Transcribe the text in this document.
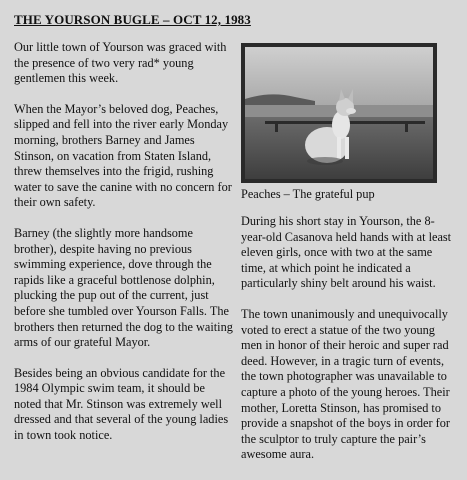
THE YOURSON BUGLE – OCT 12, 1983

Our little town of Yourson was graced with the presence of two very rad* young gentlemen this week.

When the Mayor’s beloved dog, Peaches, slipped and fell into the river early Monday morning, brothers Barney and James Stinson, on vacation from Staten Island, threw themselves into the frigid, rushing water to save the canine with no concern for their own safety.

Barney (the slightly more handsome brother), despite having no previous swimming experience, dove through the rapids like a graceful bottlenose dolphin, plucking the pup out of the current, just before she tumbled over Yourson Falls. The brothers then returned the dog to the waiting arms of our grateful Mayor.

Besides being an obvious candidate for the 1984 Olympic swim team, it should be noted that Mr. Stinson was extremely well dressed and that several of the young ladies in town took notice.

Peaches – The grateful pup

During his short stay in Yourson, the 8-year-old Casanova held hands with at least eleven girls, once with two at the same time, at which point he indicated a particularly shiny belt around his waist.

The town unanimously and unequivocally voted to erect a statue of the two young men in honor of their heroic and super rad deed. However, in a tragic turn of events, the town photographer was unavailable to capture a photo of the young heroes. Their mother, Loretta Stinson, has promised to provide a snapshot of the boys in order for the sculptor to truly capture the pair’s awesome aura.
